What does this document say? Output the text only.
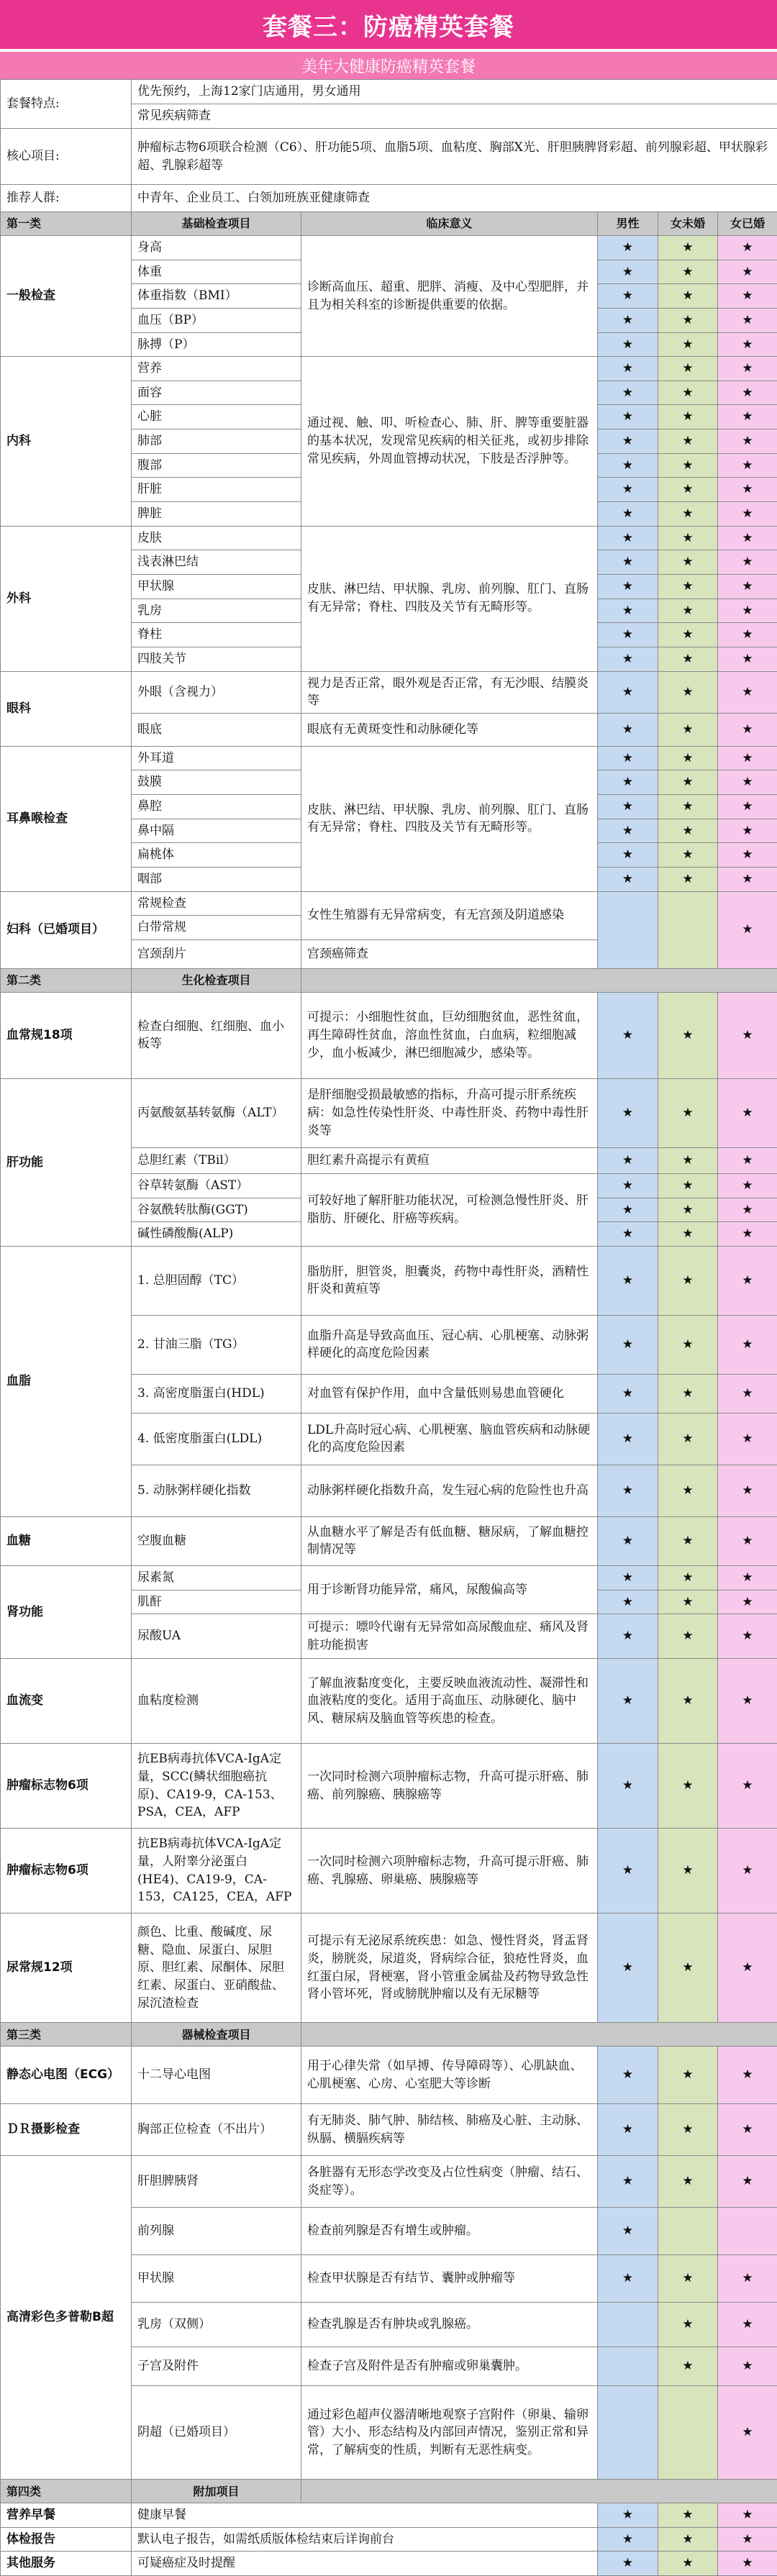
套餐三：防癌精英套餐
美年大健康防癌精英套餐
套餐特点:	优先预约，上海12家门店通用，男女通用				
	常见疾病筛查				
核心项目:	肿瘤标志物6项联合检测（C6）、肝功能5项、血脂5项、血粘度、胸部X光、肝胆胰脾肾彩超、前列腺彩超、甲状腺彩超、乳腺彩超等				
推荐人群:	中青年、企业员工、白领加班族亚健康筛查				
第一类	基础检查项目	临床意义	男性	女未婚	女已婚
一般检查	身高	诊断高血压、超重、肥胖、消瘦、及中心型肥胖，并且为相关科室的诊断提供重要的依据。	★	★	★
	体重		★	★	★
	体重指数（BMI）		★	★	★
	血压（BP）		★	★	★
	脉搏（P）		★	★	★
内科	营养	通过视、触、叩、听检查心、肺、肝、脾等重要脏器的基本状况，发现常见疾病的相关征兆，或初步排除常见疾病，外周血管搏动状况，下肢是否浮肿等。	★	★	★
	面容		★	★	★
	心脏		★	★	★
	肺部		★	★	★
	腹部		★	★	★
	肝脏		★	★	★
	脾脏		★	★	★
外科	皮肤	皮肤、淋巴结、甲状腺、乳房、前列腺、肛门、直肠有无异常；脊柱、四肢及关节有无畸形等。	★	★	★
	浅表淋巴结		★	★	★
	甲状腺		★	★	★
	乳房		★	★	★
	脊柱		★	★	★
	四肢关节		★	★	★
眼科	外眼（含视力）	视力是否正常，眼外观是否正常，有无沙眼、结膜炎等	★	★	★
	眼底	眼底有无黄斑变性和动脉硬化等	★	★	★
耳鼻喉检查	外耳道	皮肤、淋巴结、甲状腺、乳房、前列腺、肛门、直肠有无异常；脊柱、四肢及关节有无畸形等。	★	★	★
	鼓膜		★	★	★
	鼻腔		★	★	★
	鼻中隔		★	★	★
	扁桃体		★	★	★
	咽部		★	★	★
妇科（已婚项目）	常规检查	女性生殖器有无异常病变，有无宫颈及阴道感染			★
	白带常规				
	宫颈刮片	宫颈癌筛查			
第二类	生化检查项目				
血常规18项	检查白细胞、红细胞、血小板等	可提示：小细胞性贫血，巨幼细胞贫血，恶性贫血，再生障碍性贫血，溶血性贫血，白血病，粒细胞减少，血小板减少，淋巴细胞减少，感染等。	★	★	★
肝功能	丙氨酸氨基转氨酶（ALT）	是肝细胞受损最敏感的指标，升高可提示肝系统疾病：如急性传染性肝炎、中毒性肝炎、药物中毒性肝炎等	★	★	★
	总胆红素（TBil）	胆红素升高提示有黄疸	★	★	★
	谷草转氨酶（AST）	可较好地了解肝脏功能状况，可检测急慢性肝炎、肝脂肪、肝硬化、肝癌等疾病。	★	★	★
	谷氨酰转肽酶(GGT)		★	★	★
	碱性磷酸酶(ALP)		★	★	★
血脂	1. 总胆固醇（TC）	脂肪肝，胆管炎，胆囊炎，药物中毒性肝炎，酒精性肝炎和黄疸等	★	★	★
	2. 甘油三脂（TG）	血脂升高是导致高血压、冠心病、心肌梗塞、动脉粥样硬化的高度危险因素	★	★	★
	3. 高密度脂蛋白(HDL)	对血管有保护作用，血中含量低则易患血管硬化	★	★	★
	4. 低密度脂蛋白(LDL)	LDL升高时冠心病、心肌梗塞、脑血管疾病和动脉硬化的高度危险因素	★	★	★
	5. 动脉粥样硬化指数	动脉粥样硬化指数升高，发生冠心病的危险性也升高	★	★	★
血糖	空腹血糖	从血糖水平了解是否有低血糖、糖尿病，了解血糖控制情况等	★	★	★
肾功能	尿素氮	用于诊断肾功能异常，痛风，尿酸偏高等	★	★	★
	肌酐		★	★	★
	尿酸UA	可提示：嘌呤代谢有无异常如高尿酸血症、痛风及肾脏功能损害	★	★	★
血流变	血粘度检测	了解血液黏度变化，主要反映血液流动性、凝滞性和血液粘度的变化。适用于高血压、动脉硬化、脑中风、糖尿病及脑血管等疾患的检查。	★	★	★
肿瘤标志物6项	抗EB病毒抗体VCA-IgA定量，SCC(鳞状细胞癌抗原)、CA19-9，CA-153、PSA，CEA，AFP	一次同时检测六项肿瘤标志物，升高可提示肝癌、肺癌、前列腺癌、胰腺癌等	★	★	★
肿瘤标志物6项	抗EB病毒抗体VCA-IgA定量，人附睾分泌蛋白(HE4)、CA19-9，CA-153，CA125，CEA，AFP	一次同时检测六项肿瘤标志物，升高可提示肝癌、肺癌、乳腺癌、卵巢癌、胰腺癌等	★	★	★
尿常规12项	颜色、比重、酸碱度、尿糖、隐血、尿蛋白、尿胆原、胆红素、尿酮体、尿胆红素、尿蛋白、亚硝酸盐、尿沉渣检查	可提示有无泌尿系统疾患：如急、慢性肾炎，肾盂肾炎，膀胱炎，尿道炎，肾病综合征，狼疮性肾炎，血红蛋白尿，肾梗塞，肾小管重金属盐及药物导致急性肾小管坏死，肾或膀胱肿瘤以及有无尿糖等	★	★	★
第三类	器械检查项目				
静态心电图（ECG）	十二导心电图	用于心律失常（如早搏、传导障碍等）、心肌缺血、心肌梗塞、心房、心室肥大等诊断	★	★	★
ＤＲ摄影检查	胸部正位检查（不出片）	有无肺炎、肺气肿、肺结核、肺癌及心脏、主动脉、纵膈、横膈疾病等	★	★	★
高清彩色多普勒B超	肝胆脾胰肾	各脏器有无形态学改变及占位性病变（肿瘤、结石、炎症等）。	★	★	★
	前列腺	检查前列腺是否有增生或肿瘤。	★		
	甲状腺	检查甲状腺是否有结节、囊肿或肿瘤等	★	★	★
	乳房（双侧）	检查乳腺是否有肿块或乳腺癌。		★	★
	子宫及附件	检查子宫及附件是否有肿瘤或卵巢囊肿。		★	★
	阴超（已婚项目）	通过彩色超声仪器清晰地观察子宫附件（卵巢、输卵管）大小、形态结构及内部回声情况，鉴别正常和异常，了解病变的性质，判断有无恶性病变。			★
第四类	附加项目				
营养早餐	健康早餐		★	★	★
体检报告	默认电子报告，如需纸质版体检结束后详询前台		★	★	★
其他服务	可疑癌症及时提醒		★	★	★
